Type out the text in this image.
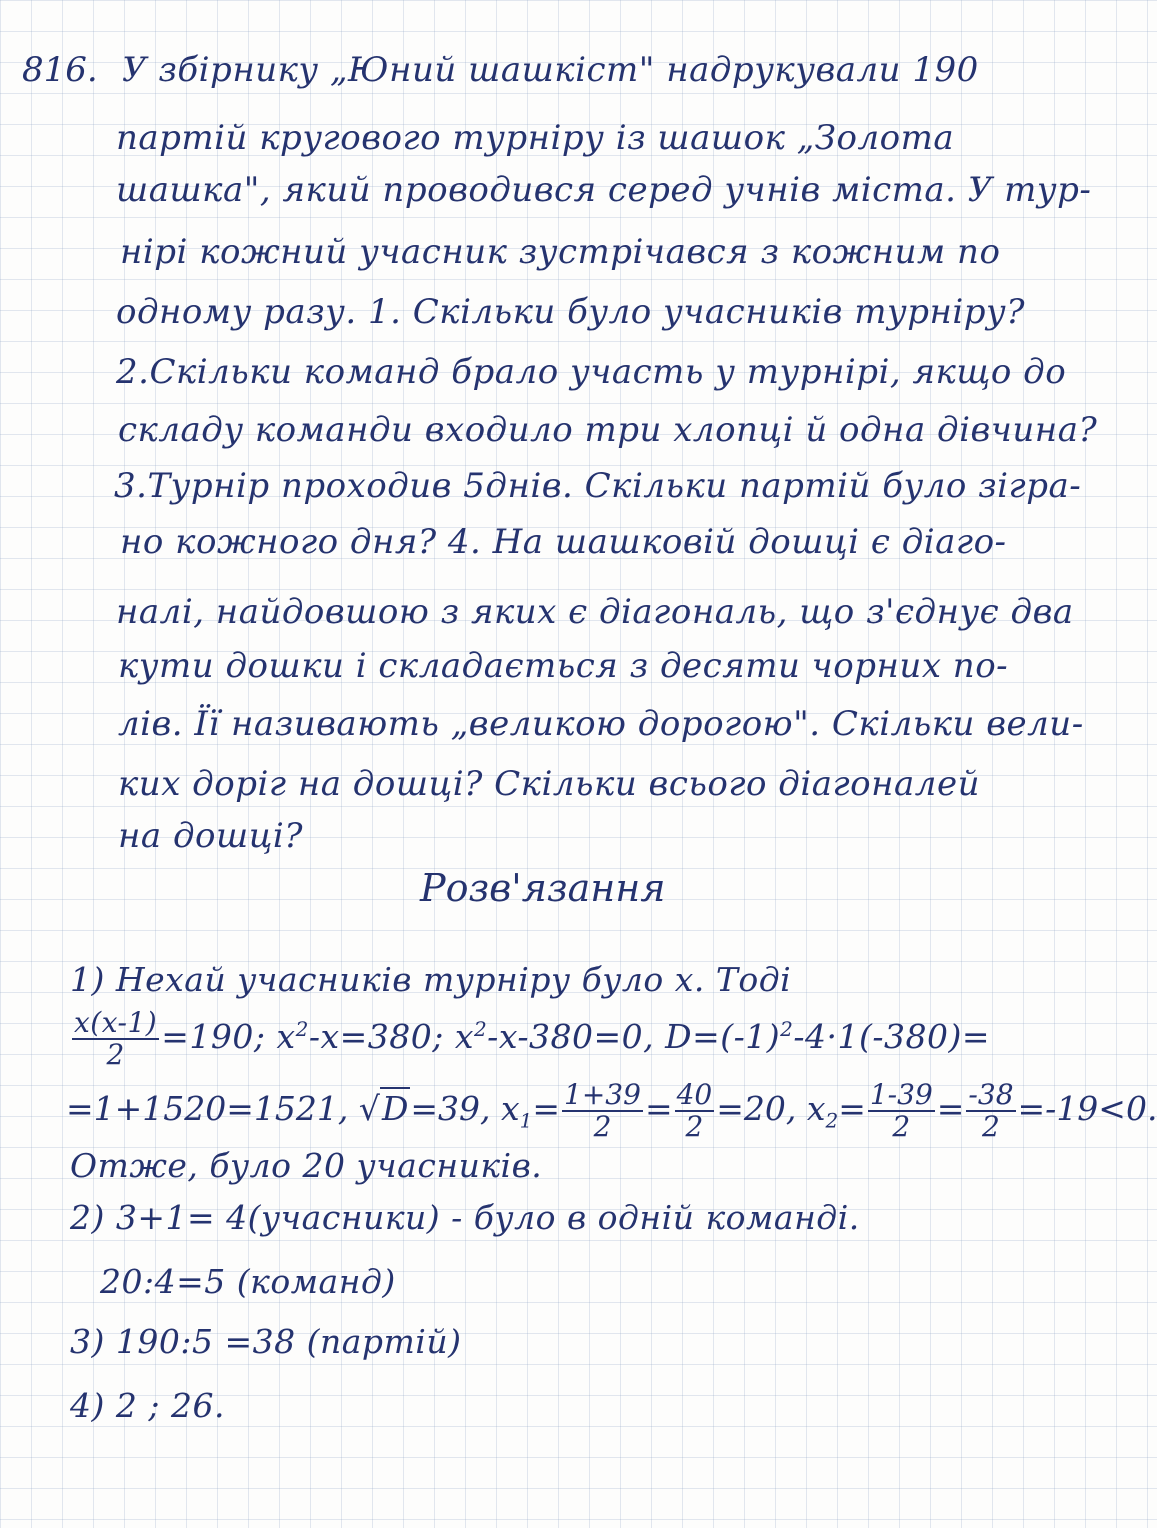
816. У збірнику „Юний шашкіст" надрукували 190
партій кругового турніру із шашок „Золота
шашка", який проводився серед учнів міста. У тур-
нірі кожний учасник зустрічався з кожним по
одному разу. 1. Скільки було учасників турніру?
2.Скільки команд брало участь у турнірі, якщо до
складу команди входило три хлопці й одна дівчина?
3.Турнір проходив 5днів. Скільки партій було зігра-
но кожного дня? 4. На шашковій дошці є діаго-
налі, найдовшою з яких є діагональ, що з'єднує два
кути дошки і складається з десяти чорних по-
лів. Її називають „великою дорогою". Скільки вели-
ких доріг на дошці? Скільки всього діагоналей
на дошці?
Розв'язання
1) Нехай учасників турніру було x. Тоді
$\frac{x(x-1)}{2} =190$; $x^2-x=380$; $x^2-x-380=0$, $D=(-1)^2-4\cdot 1(-380)=$
=1+1520=1521, √D=39, $x_1= \frac{1+39}{2} = \frac{40}{2} =20$, $x_2= \frac{1-39}{2} = \frac{-38}{2} =-19<0$.
Отже, було 20 учасників.
2) 3+1= 4(учасники) - було в одній команді.
20:4=5 (команд)
3) 190:5 =38 (партій)
4) 2 ; 26.
